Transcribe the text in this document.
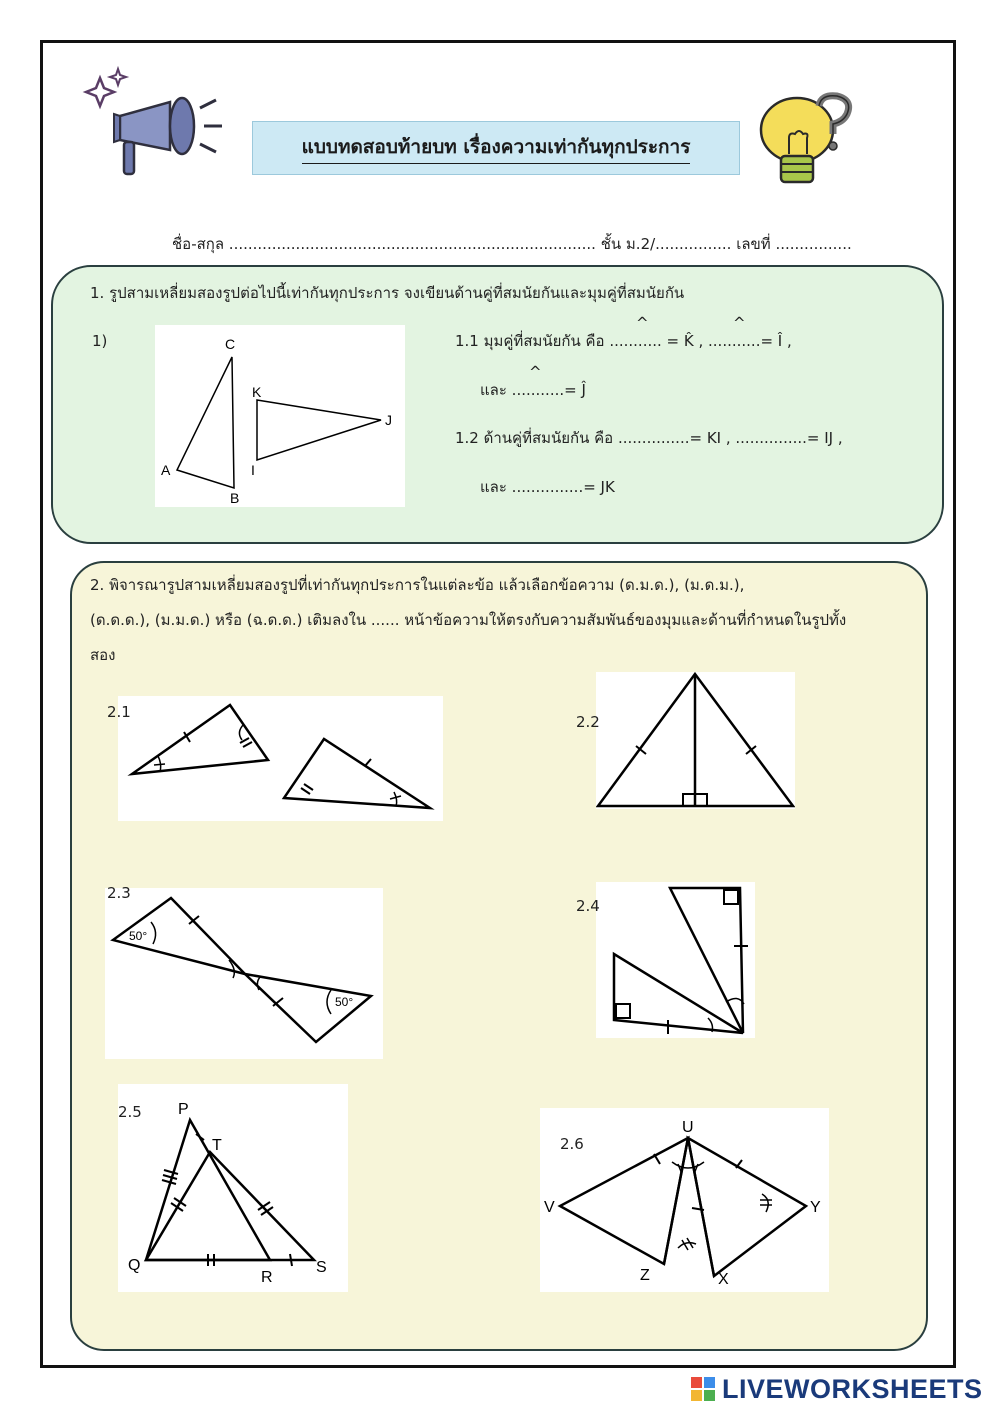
แบบทดสอบท้ายบท เรื่องความเท่ากันทุกประการ
ชื่อ-สกุล ............................................................................. ชั้น ม.2/................ เลขที่ ................
1. รูปสามเหลี่ยมสองรูปต่อไปนี้เท่ากันทุกประการ จงเขียนด้านคู่ที่สมนัยกันและมุมคู่ที่สมนัยกัน
1)	C
K
J
A
B
I
^	^
1.1 มุมคู่ที่สมนัยกัน คือ ........... = K̂ , ...........= Î ,
^
และ ...........= Ĵ
1.2 ด้านคู่ที่สมนัยกัน คือ ...............= KI , ...............= IJ ,
และ ...............= JK
2. พิจารณารูปสามเหลี่ยมสองรูปที่เท่ากันทุกประการในแต่ละข้อ แล้วเลือกข้อความ (ด.ม.ด.), (ม.ด.ม.),
(ด.ด.ด.), (ม.ม.ด.) หรือ (ฉ.ด.ด.) เติมลงใน ...... หน้าข้อความให้ตรงกับความสัมพันธ์ของมุมและด้านที่กำหนดในรูปทั้ง
สอง
2.1
2.2
50°
50°
2.3
2.4
P
T
Q
R
S
2.5
U
V	Y
Z	X
2.6
LIVEWORKSHEETS
